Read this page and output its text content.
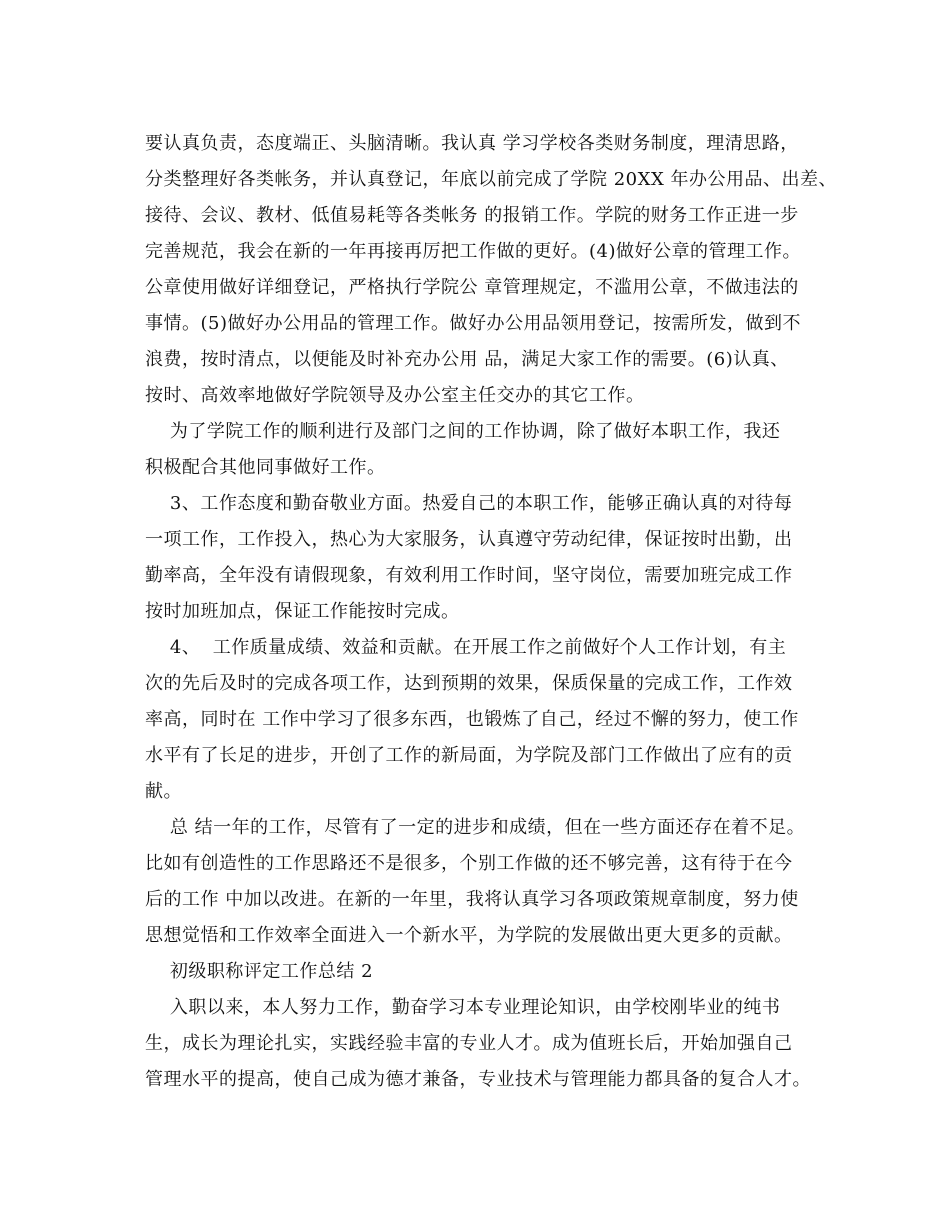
要认真负责，态度端正、头脑清晰。我认真 学习学校各类财务制度，理清思路，
分类整理好各类帐务，并认真登记，年底以前完成了学院 20XX 年办公用品、出差、
接待、会议、教材、低值易耗等各类帐务 的报销工作。学院的财务工作正进一步
完善规范，我会在新的一年再接再厉把工作做的更好。(4)做好公章的管理工作。
公章使用做好详细登记，严格执行学院公 章管理规定，不滥用公章，不做违法的
事情。(5)做好办公用品的管理工作。做好办公用品领用登记，按需所发，做到不
浪费，按时清点，以便能及时补充办公用 品，满足大家工作的需要。(6)认真、
按时、高效率地做好学院领导及办公室主任交办的其它工作。
为了学院工作的顺利进行及部门之间的工作协调，除了做好本职工作，我还
积极配合其他同事做好工作。
3、工作态度和勤奋敬业方面。热爱自己的本职工作，能够正确认真的对待每
一项工作，工作投入，热心为大家服务，认真遵守劳动纪律，保证按时出勤，出
勤率高，全年没有请假现象，有效利用工作时间，坚守岗位，需要加班完成工作
按时加班加点，保证工作能按时完成。
4、  工作质量成绩、效益和贡献。在开展工作之前做好个人工作计划，有主
次的先后及时的完成各项工作，达到预期的效果，保质保量的完成工作，工作效
率高，同时在 工作中学习了很多东西，也锻炼了自己，经过不懈的努力，使工作
水平有了长足的进步，开创了工作的新局面，为学院及部门工作做出了应有的贡
献。
总 结一年的工作，尽管有了一定的进步和成绩，但在一些方面还存在着不足。
比如有创造性的工作思路还不是很多，个别工作做的还不够完善，这有待于在今
后的工作 中加以改进。在新的一年里，我将认真学习各项政策规章制度，努力使
思想觉悟和工作效率全面进入一个新水平，为学院的发展做出更大更多的贡献。
初级职称评定工作总结 2
入职以来，本人努力工作，勤奋学习本专业理论知识，由学校刚毕业的纯书
生，成长为理论扎实，实践经验丰富的专业人才。成为值班长后，开始加强自己
管理水平的提高，使自己成为德才兼备，专业技术与管理能力都具备的复合人才。
